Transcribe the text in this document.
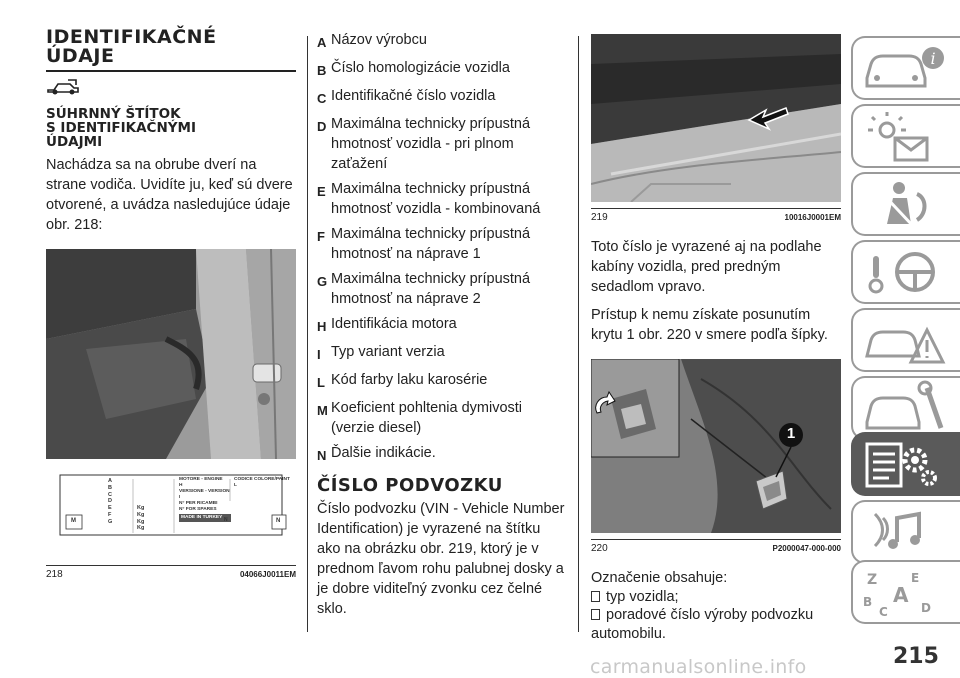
IDENTIFIKAČNÉ
ÚDAJE
SÚHRNNÝ ŠTÍTOK
S IDENTIFIKAČNÝMI
ÚDAJMI

Nachádza sa na obrube dverí na strane vodiča. Uvidíte ju, keď sú dvere otvorené, a uvádza nasledujúce údaje obr. 218:

A
B
C
D
E
F
G
Kg
Kg
Kg
Kg
MOTORE - ENGINE
H
VERSIONE - VERSION
I
N° PER RICAMBI
N° FOR SPARES
MADE IN TURKEY
CODICE COLORE/PAINT
L
M	N
N
218	04066J0011EM
A Názov výrobcu
B Číslo homologizácie vozidla
C Identifikačné číslo vozidla
D Maximálna technicky prípustná hmotnosť vozidla - pri plnom zaťažení
E Maximálna technicky prípustná hmotnosť vozidla - kombinovaná
F Maximálna technicky prípustná hmotnosť na náprave 1
G Maximálna technicky prípustná hmotnosť na náprave 2
H Identifikácia motora
I Typ variant verzia
L Kód farby laku karosérie
M Koeficient pohltenia dymivosti (verzie diesel)
N Ďalšie indikácie.
ČÍSLO PODVOZKU

Číslo podvozku (VIN - Vehicle Number Identification) je vyrazené na štítku ako na obrázku obr. 219, ktorý je v prednom ľavom rohu palubnej dosky a je dobre viditeľný zvonku cez čelné sklo.

219	10016J0001EM

Toto číslo je vyrazené aj na podlahe kabíny vozidla, pred predným sedadlom vpravo.

Prístup k nemu získate posunutím krytu 1 obr. 220 v smere podľa šípky.

1
220	P2000047-000-000

Označenie obsahuje:

typ vozidla;
poradové číslo výroby podvozku

automobilu.

i
Z	E
A
B
C	D
215
carmanualsonline.info
